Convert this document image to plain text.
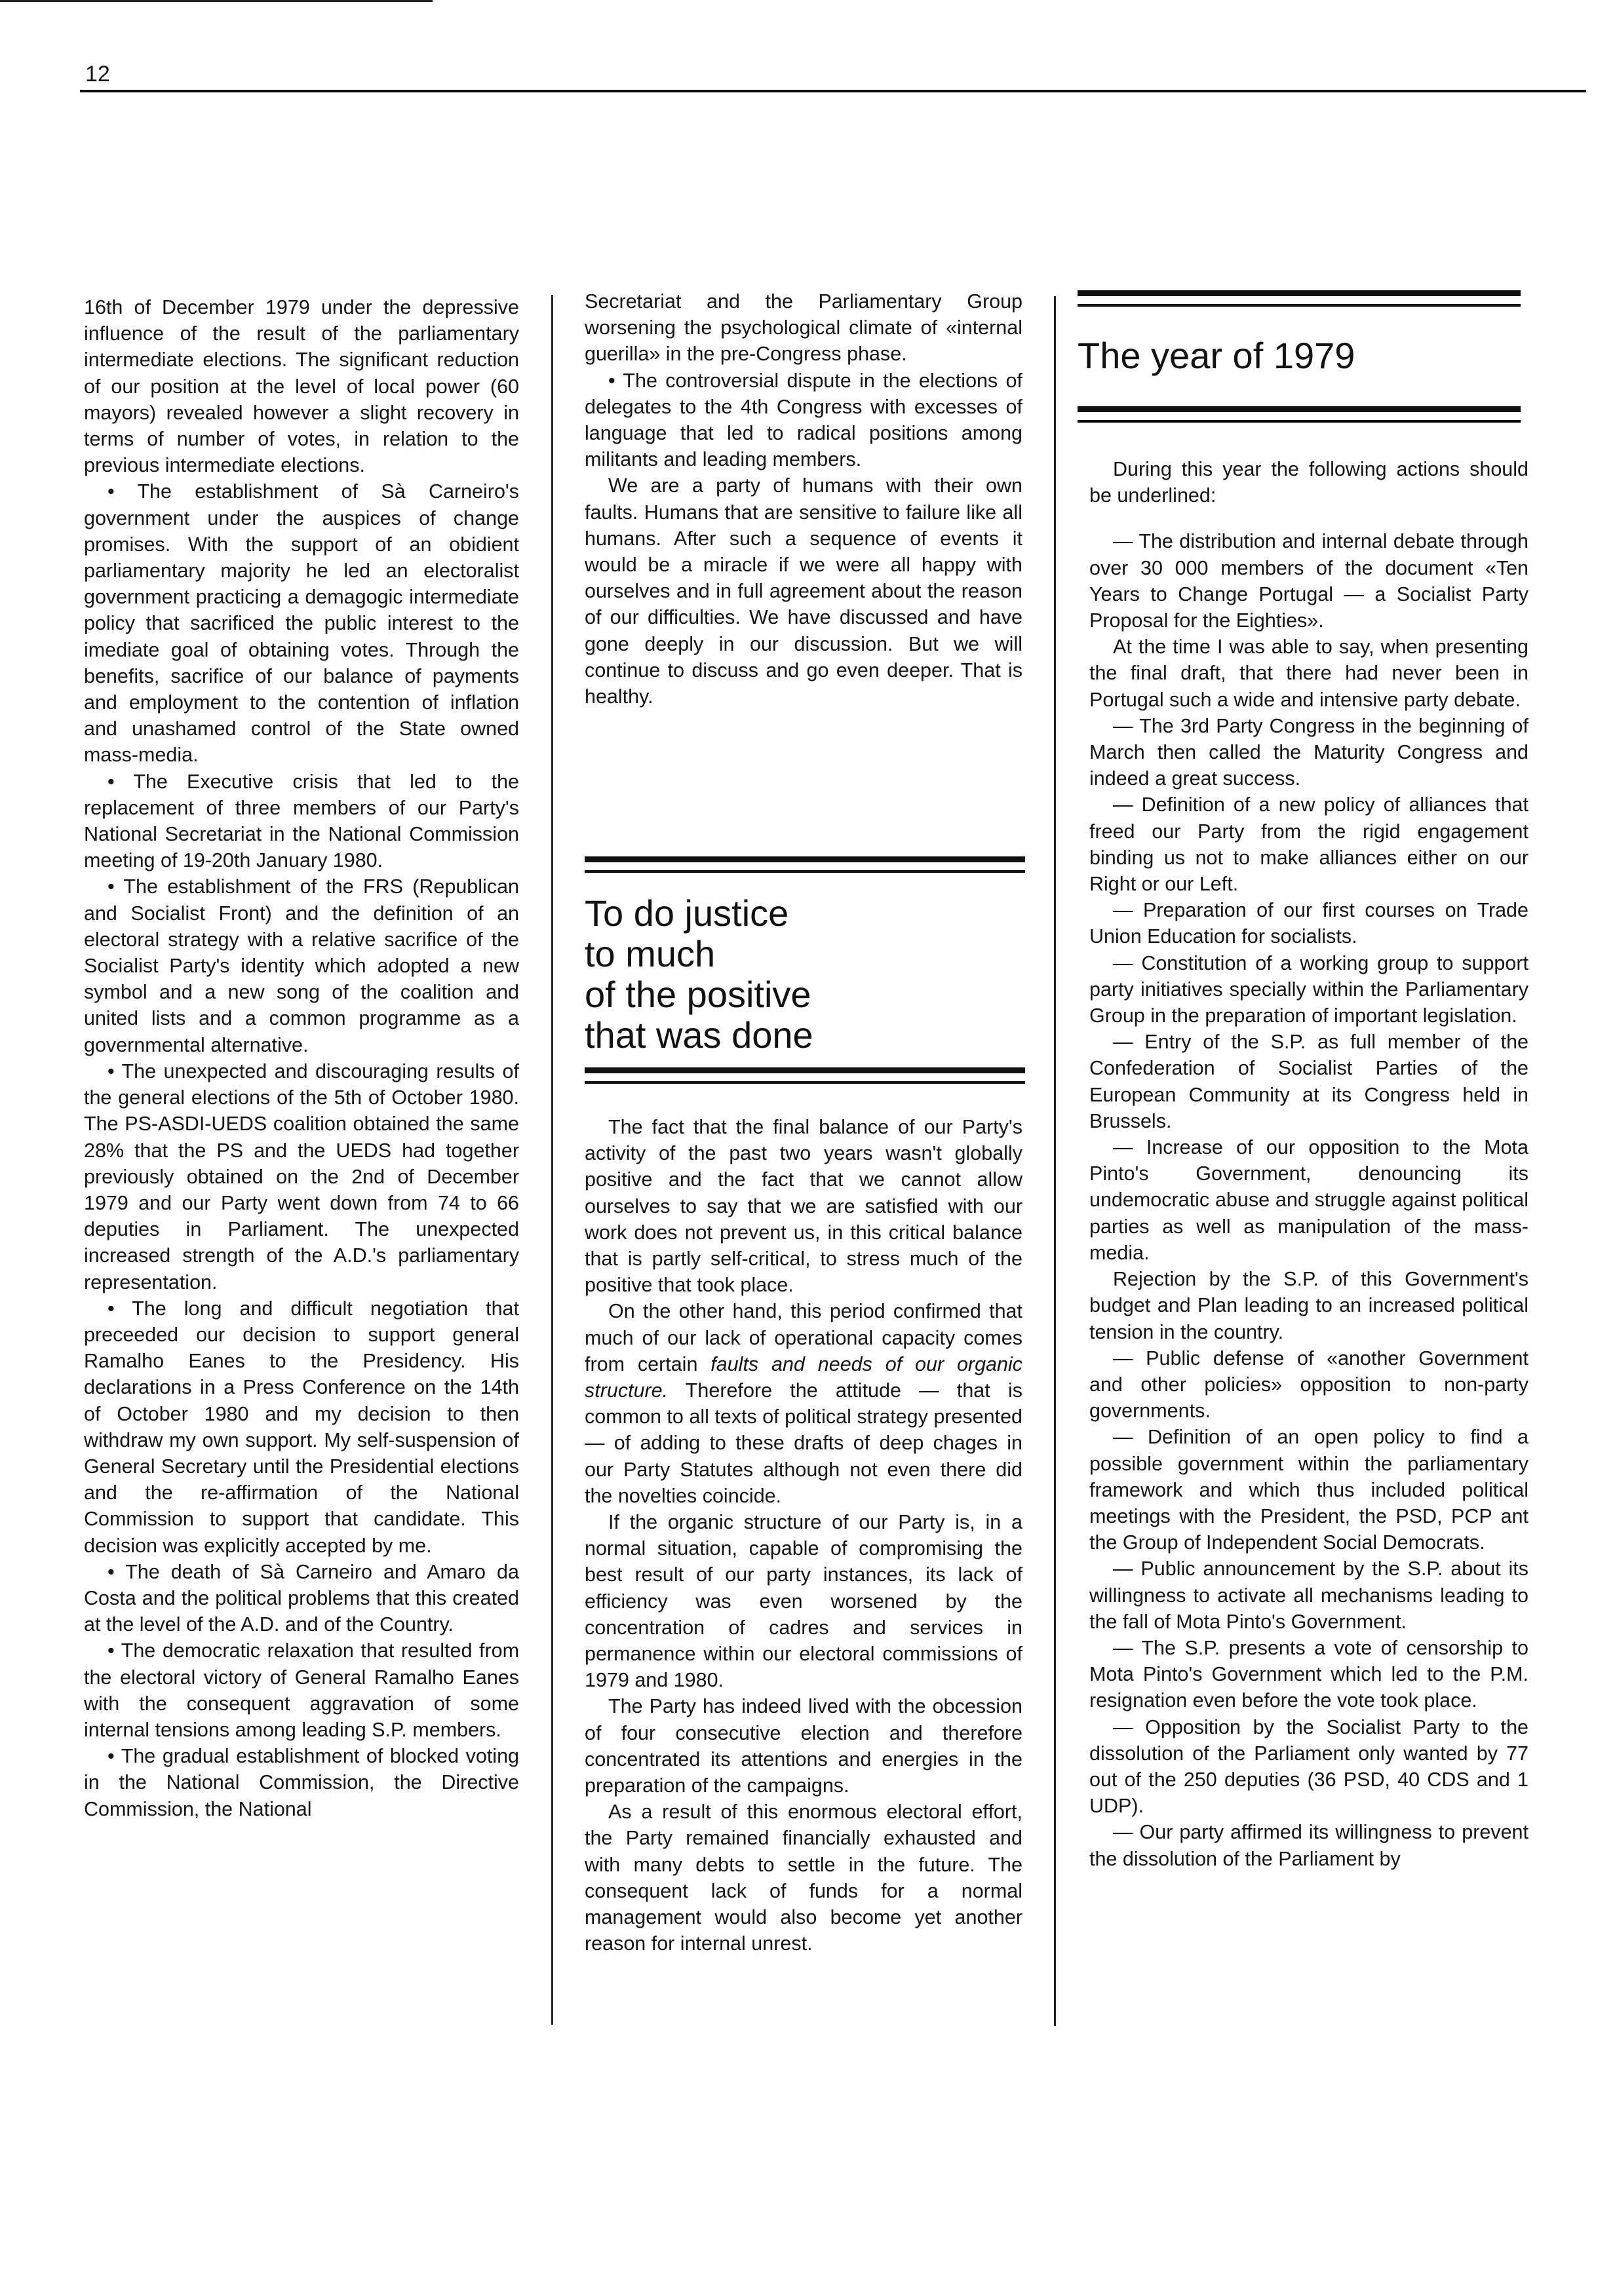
12

16th of December 1979 under the depressive influence of the result of the parliamentary intermediate elections. The significant reduction of our position at the level of local power (60 mayors) revealed however a slight recovery in terms of number of votes, in relation to the previous intermediate elections.

• The establishment of Sà Carneiro's government under the auspices of change promises. With the support of an obidient parliamentary majority he led an electoralist government practicing a demagogic intermediate policy that sacrificed the public interest to the imediate goal of obtaining votes. Through the benefits, sacrifice of our balance of payments and employment to the contention of inflation and unashamed control of the State owned mass-media.

• The Executive crisis that led to the replacement of three members of our Party's National Secretariat in the National Commission meeting of 19-20th January 1980.

• The establishment of the FRS (Republican and Socialist Front) and the definition of an electoral strategy with a relative sacrifice of the Socialist Party's identity which adopted a new symbol and a new song of the coalition and united lists and a common programme as a governmental alternative.

• The unexpected and discouraging results of the general elections of the 5th of October 1980. The PS-ASDI-UEDS coalition obtained the same 28% that the PS and the UEDS had together previously obtained on the 2nd of December 1979 and our Party went down from 74 to 66 deputies in Parliament. The unexpected increased strength of the A.D.'s parliamentary representation.

• The long and difficult negotiation that preceeded our decision to support general Ramalho Eanes to the Presidency. His declarations in a Press Conference on the 14th of October 1980 and my decision to then withdraw my own support. My self-suspension of General Secretary until the Presidential elections and the re-affirmation of the National Commission to support that candidate. This decision was explicitly accepted by me.

• The death of Sà Carneiro and Amaro da Costa and the political problems that this created at the level of the A.D. and of the Country.

• The democratic relaxation that resulted from the electoral victory of General Ramalho Eanes with the consequent aggravation of some internal tensions among leading S.P. members.

• The gradual establishment of blocked voting in the National Commission, the Directive Commission, the National

Secretariat and the Parliamentary Group worsening the psychological climate of «internal guerilla» in the pre-Congress phase.

• The controversial dispute in the elections of delegates to the 4th Congress with excesses of language that led to radical positions among militants and leading members.

We are a party of humans with their own faults. Humans that are sensitive to failure like all humans. After such a sequence of events it would be a miracle if we were all happy with ourselves and in full agreement about the reason of our difficulties. We have discussed and have gone deeply in our discussion. But we will continue to discuss and go even deeper. That is healthy.

To do justice
to much
of the positive
that was done

The fact that the final balance of our Party's activity of the past two years wasn't globally positive and the fact that we cannot allow ourselves to say that we are satisfied with our work does not prevent us, in this critical balance that is partly self-critical, to stress much of the positive that took place.

On the other hand, this period confirmed that much of our lack of operational capacity comes from certain faults and needs of our organic structure. Therefore the attitude — that is common to all texts of political strategy presented — of adding to these drafts of deep chages in our Party Statutes although not even there did the novelties coincide.

If the organic structure of our Party is, in a normal situation, capable of compromising the best result of our party instances, its lack of efficiency was even worsened by the concentration of cadres and services in permanence within our electoral commissions of 1979 and 1980.

The Party has indeed lived with the obcession of four consecutive election and therefore concentrated its attentions and energies in the preparation of the campaigns.

As a result of this enormous electoral effort, the Party remained financially exhausted and with many debts to settle in the future. The consequent lack of funds for a normal management would also become yet another reason for internal unrest.

The year of 1979

During this year the following actions should be underlined:

— The distribution and internal debate through over 30 000 members of the document «Ten Years to Change Portugal — a Socialist Party Proposal for the Eighties».

At the time I was able to say, when presenting the final draft, that there had never been in Portugal such a wide and intensive party debate.

— The 3rd Party Congress in the beginning of March then called the Maturity Congress and indeed a great success.

— Definition of a new policy of alliances that freed our Party from the rigid engagement binding us not to make alliances either on our Right or our Left.

— Preparation of our first courses on Trade Union Education for socialists.

— Constitution of a working group to support party initiatives specially within the Parliamentary Group in the preparation of important legislation.

— Entry of the S.P. as full member of the Confederation of Socialist Parties of the European Community at its Congress held in Brussels.

— Increase of our opposition to the Mota Pinto's Government, denouncing its undemocratic abuse and struggle against political parties as well as manipulation of the mass-media.

Rejection by the S.P. of this Government's budget and Plan leading to an increased political tension in the country.

— Public defense of «another Government and other policies» opposition to non-party governments.

— Definition of an open policy to find a possible government within the parliamentary framework and which thus included political meetings with the President, the PSD, PCP ant the Group of Independent Social Democrats.

— Public announcement by the S.P. about its willingness to activate all mechanisms leading to the fall of Mota Pinto's Government.

— The S.P. presents a vote of censorship to Mota Pinto's Government which led to the P.M. resignation even before the vote took place.

— Opposition by the Socialist Party to the dissolution of the Parliament only wanted by 77 out of the 250 deputies (36 PSD, 40 CDS and 1 UDP).

— Our party affirmed its willingness to prevent the dissolution of the Parliament by
